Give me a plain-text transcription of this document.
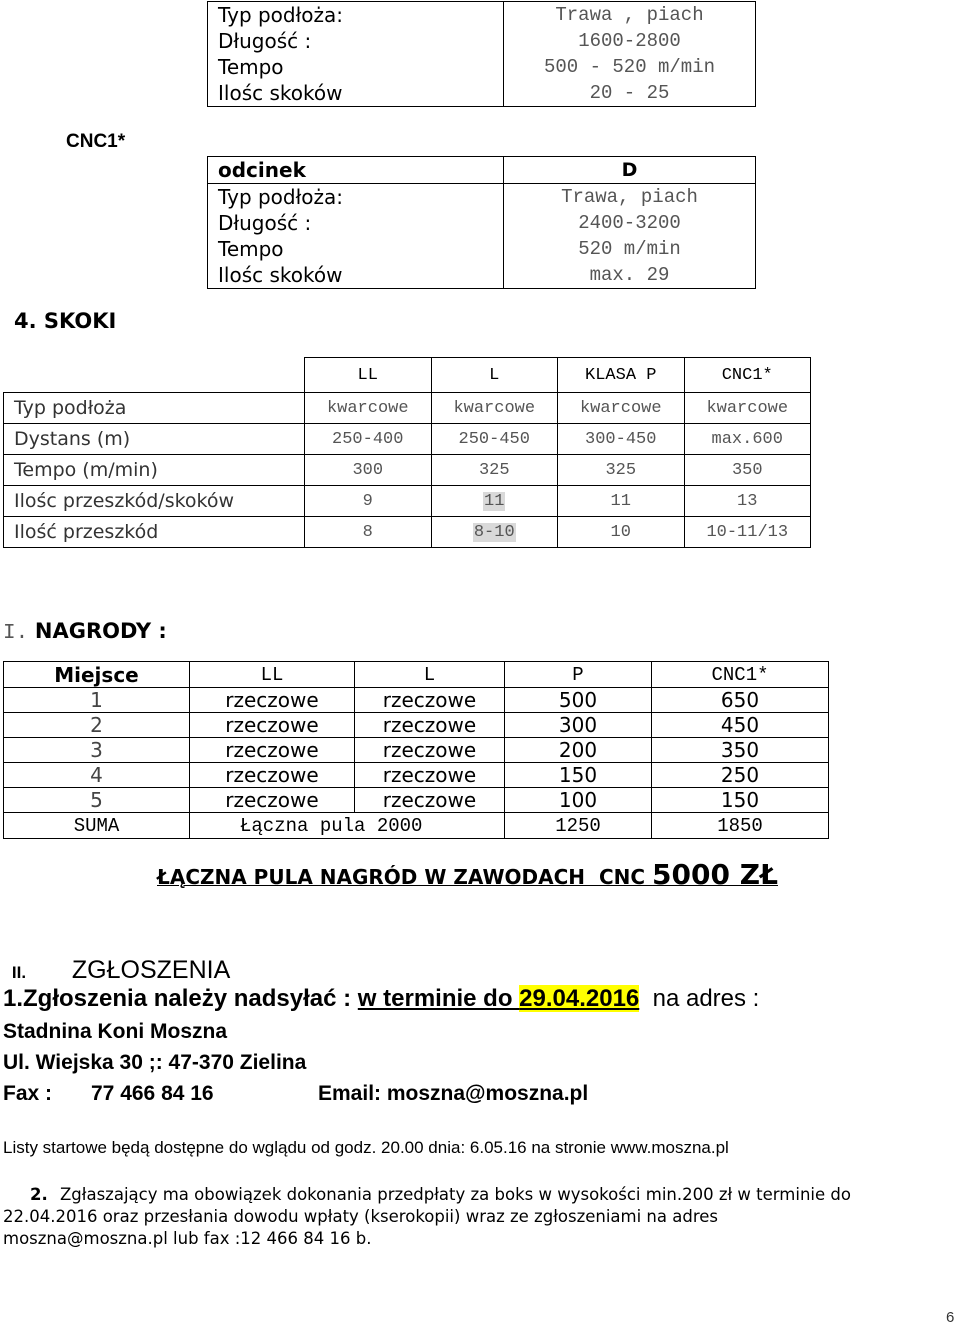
Typ podłoża:	Trawa , piach
Długość :	1600-2800
Tempo	500 - 520 m/min
Ilośc skoków	20 - 25
CNC1*
odcinek	D
Typ podłoża:	Trawa, piach
Długość :	2400-3200
Tempo	520 m/min
Ilośc skoków	max. 29
4. SKOKI
	LL	L	KLASA P	CNC1*
Typ podłoża	kwarcowe	kwarcowe	kwarcowe	kwarcowe
Dystans (m)	250-400	250-450	300-450	max.600
Tempo (m/min)	300	325	325	350
Ilośc przeszkód/skoków	9	11	11	13
Ilość przeszkód	8	8-10	10	10-11/13
I. NAGRODY :
Miejsce	LL	L	P	CNC1*
1	rzeczowe	rzeczowe	500	650
2	rzeczowe	rzeczowe	300	450
3	rzeczowe	rzeczowe	200	350
4	rzeczowe	rzeczowe	150	250
5	rzeczowe	rzeczowe	100	150
SUMA	Łączna pula 2000		1250	1850
ŁĄCZNA PULA NAGRÓD W ZAWODACH  CNC 5000 ZŁ

II. ZGŁOSZENIA

1.Zgłoszenia należy nadsyłać : w terminie do 29.04.2016  na adres :
Stadnina Koni Moszna
Ul. Wiejska 30 ;: 47-370 Zielina
Fax : 77 466 84 16	Email: moszna@moszna.pl
Listy startowe będą dostępne do wglądu od godz. 20.00 dnia: 6.05.16 na stronie www.moszna.pl
2. Zgłaszający ma obowiązek dokonania przedpłaty za boks w wysokości min.200 zł w terminie do
22.04.2016 oraz przesłania dowodu wpłaty (kserokopii) wraz ze zgłoszeniami na adres
moszna@moszna.pl lub fax :12 466 84 16 b.
6
